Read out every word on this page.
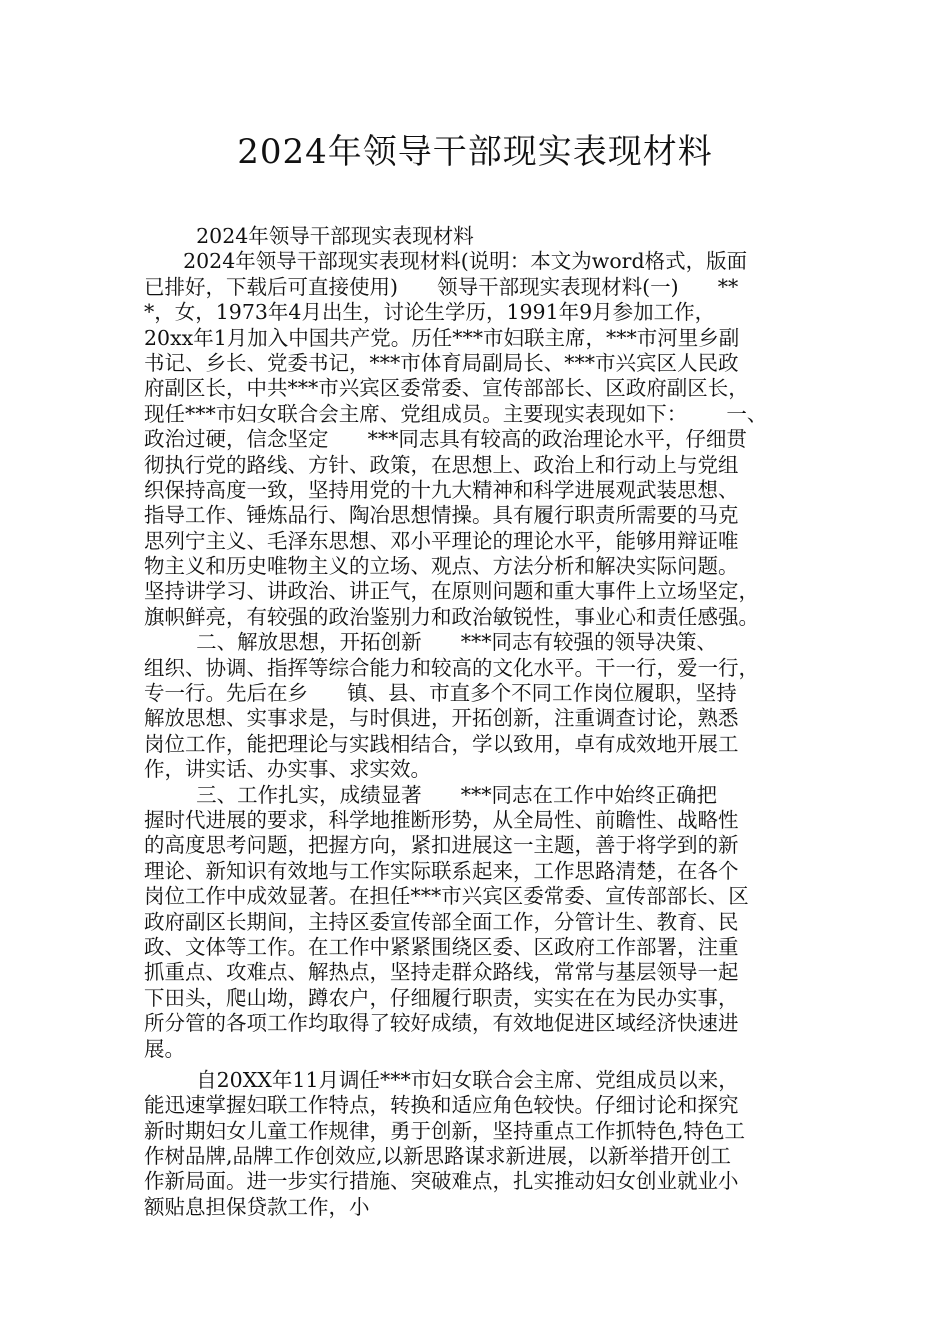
2024年领导干部现实表现材料
2024年领导干部现实表现材料
2024年领导干部现实表现材料(说明：本文为word格式，版面
已排好，下载后可直接使用)      领导干部现实表现材料(一)      **
*，女，1973年4月出生，讨论生学历，1991年9月参加工作，
20xx年1月加入中国共产党。历任***市妇联主席，***市河里乡副
书记、乡长、党委书记，***市体育局副局长、***市兴宾区人民政
府副区长，中共***市兴宾区委常委、宣传部部长、区政府副区长，
现任***市妇女联合会主席、党组成员。主要现实表现如下：      一、
政治过硬，信念坚定      ***同志具有较高的政治理论水平，仔细贯
彻执行党的路线、方针、政策，在思想上、政治上和行动上与党组
织保持高度一致，坚持用党的十九大精神和科学进展观武装思想、
指导工作、锤炼品行、陶冶思想情操。具有履行职责所需要的马克
思列宁主义、毛泽东思想、邓小平理论的理论水平，能够用辩证唯
物主义和历史唯物主义的立场、观点、方法分析和解决实际问题。
坚持讲学习、讲政治、讲正气，在原则问题和重大事件上立场坚定，
旗帜鲜亮，有较强的政治鉴别力和政治敏锐性，事业心和责任感强。
二、解放思想，开拓创新      ***同志有较强的领导决策、
组织、协调、指挥等综合能力和较高的文化水平。干一行，爱一行，
专一行。先后在乡      镇、县、市直多个不同工作岗位履职，坚持
解放思想、实事求是，与时俱进，开拓创新，注重调查讨论，熟悉
岗位工作，能把理论与实践相结合，学以致用，卓有成效地开展工
作，讲实话、办实事、求实效。
三、工作扎实，成绩显著      ***同志在工作中始终正确把
握时代进展的要求，科学地推断形势，从全局性、前瞻性、战略性
的高度思考问题，把握方向，紧扣进展这一主题，善于将学到的新
理论、新知识有效地与工作实际联系起来，工作思路清楚，在各个
岗位工作中成效显著。在担任***市兴宾区委常委、宣传部部长、区
政府副区长期间，主持区委宣传部全面工作，分管计生、教育、民
政、文体等工作。在工作中紧紧围绕区委、区政府工作部署，注重
抓重点、攻难点、解热点，坚持走群众路线，常常与基层领导一起
下田头，爬山坳，蹲农户，仔细履行职责，实实在在为民办实事，
所分管的各项工作均取得了较好成绩，有效地促进区域经济快速进
展。
自20XX年11月调任***市妇女联合会主席、党组成员以来，
能迅速掌握妇联工作特点，转换和适应角色较快。仔细讨论和探究
新时期妇女儿童工作规律，勇于创新，坚持重点工作抓特色,特色工
作树品牌,品牌工作创效应,以新思路谋求新进展，以新举措开创工
作新局面。进一步实行措施、突破难点，扎实推动妇女创业就业小
额贴息担保贷款工作，小
